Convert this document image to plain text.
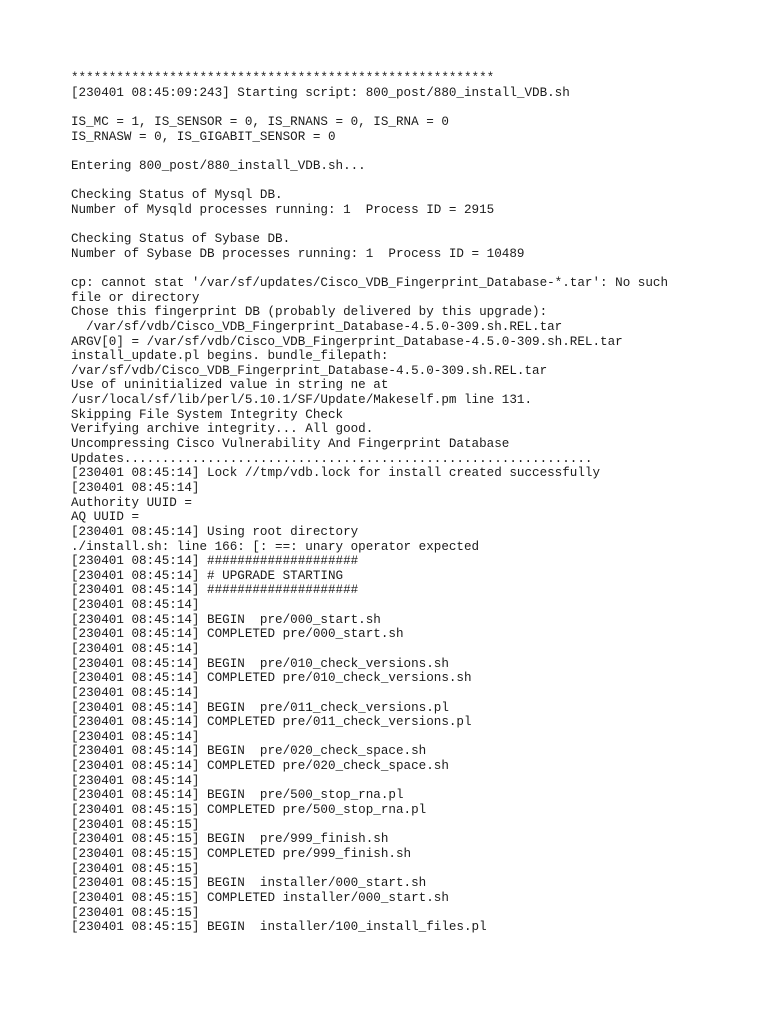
********************************************************
[230401 08:45:09:243] Starting script: 800_post/880_install_VDB.sh
IS_MC = 1, IS_SENSOR = 0, IS_RNANS = 0, IS_RNA = 0
IS_RNASW = 0, IS_GIGABIT_SENSOR = 0
Entering 800_post/880_install_VDB.sh...
Checking Status of Mysql DB.
Number of Mysqld processes running: 1  Process ID = 2915
Checking Status of Sybase DB.
Number of Sybase DB processes running: 1  Process ID = 10489
cp: cannot stat '/var/sf/updates/Cisco_VDB_Fingerprint_Database-*.tar': No such
file or directory
Chose this fingerprint DB (probably delivered by this upgrade):
/var/sf/vdb/Cisco_VDB_Fingerprint_Database-4.5.0-309.sh.REL.tar
ARGV[0] = /var/sf/vdb/Cisco_VDB_Fingerprint_Database-4.5.0-309.sh.REL.tar
install_update.pl begins. bundle_filepath:
/var/sf/vdb/Cisco_VDB_Fingerprint_Database-4.5.0-309.sh.REL.tar
Use of uninitialized value in string ne at
/usr/local/sf/lib/perl/5.10.1/SF/Update/Makeself.pm line 131.
Skipping File System Integrity Check
Verifying archive integrity... All good.
Uncompressing Cisco Vulnerability And Fingerprint Database
Updates..............................................................
[230401 08:45:14] Lock //tmp/vdb.lock for install created successfully
[230401 08:45:14]
Authority UUID =
AQ UUID =
[230401 08:45:14] Using root directory
./install.sh: line 166: [: ==: unary operator expected
[230401 08:45:14] ####################
[230401 08:45:14] # UPGRADE STARTING
[230401 08:45:14] ####################
[230401 08:45:14]
[230401 08:45:14] BEGIN  pre/000_start.sh
[230401 08:45:14] COMPLETED pre/000_start.sh
[230401 08:45:14]
[230401 08:45:14] BEGIN  pre/010_check_versions.sh
[230401 08:45:14] COMPLETED pre/010_check_versions.sh
[230401 08:45:14]
[230401 08:45:14] BEGIN  pre/011_check_versions.pl
[230401 08:45:14] COMPLETED pre/011_check_versions.pl
[230401 08:45:14]
[230401 08:45:14] BEGIN  pre/020_check_space.sh
[230401 08:45:14] COMPLETED pre/020_check_space.sh
[230401 08:45:14]
[230401 08:45:14] BEGIN  pre/500_stop_rna.pl
[230401 08:45:15] COMPLETED pre/500_stop_rna.pl
[230401 08:45:15]
[230401 08:45:15] BEGIN  pre/999_finish.sh
[230401 08:45:15] COMPLETED pre/999_finish.sh
[230401 08:45:15]
[230401 08:45:15] BEGIN  installer/000_start.sh
[230401 08:45:15] COMPLETED installer/000_start.sh
[230401 08:45:15]
[230401 08:45:15] BEGIN  installer/100_install_files.pl
